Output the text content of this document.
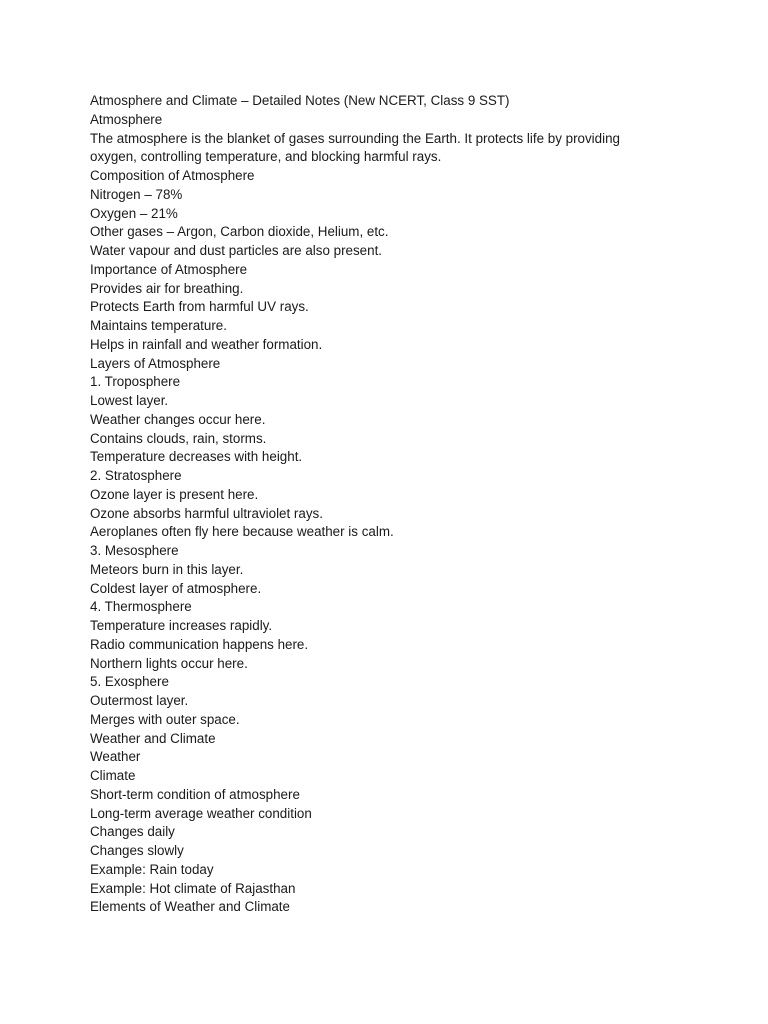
Atmosphere and Climate – Detailed Notes (New NCERT, Class 9 SST)
Atmosphere
The atmosphere is the blanket of gases surrounding the Earth. It protects life by providing oxygen, controlling temperature, and blocking harmful rays.
Composition of Atmosphere
Nitrogen – 78%
Oxygen – 21%
Other gases – Argon, Carbon dioxide, Helium, etc.
Water vapour and dust particles are also present.
Importance of Atmosphere
Provides air for breathing.
Protects Earth from harmful UV rays.
Maintains temperature.
Helps in rainfall and weather formation.
Layers of Atmosphere
1. Troposphere
Lowest layer.
Weather changes occur here.
Contains clouds, rain, storms.
Temperature decreases with height.
2. Stratosphere
Ozone layer is present here.
Ozone absorbs harmful ultraviolet rays.
Aeroplanes often fly here because weather is calm.
3. Mesosphere
Meteors burn in this layer.
Coldest layer of atmosphere.
4. Thermosphere
Temperature increases rapidly.
Radio communication happens here.
Northern lights occur here.
5. Exosphere
Outermost layer.
Merges with outer space.
Weather and Climate
Weather
Climate
Short-term condition of atmosphere
Long-term average weather condition
Changes daily
Changes slowly
Example: Rain today
Example: Hot climate of Rajasthan
Elements of Weather and Climate
